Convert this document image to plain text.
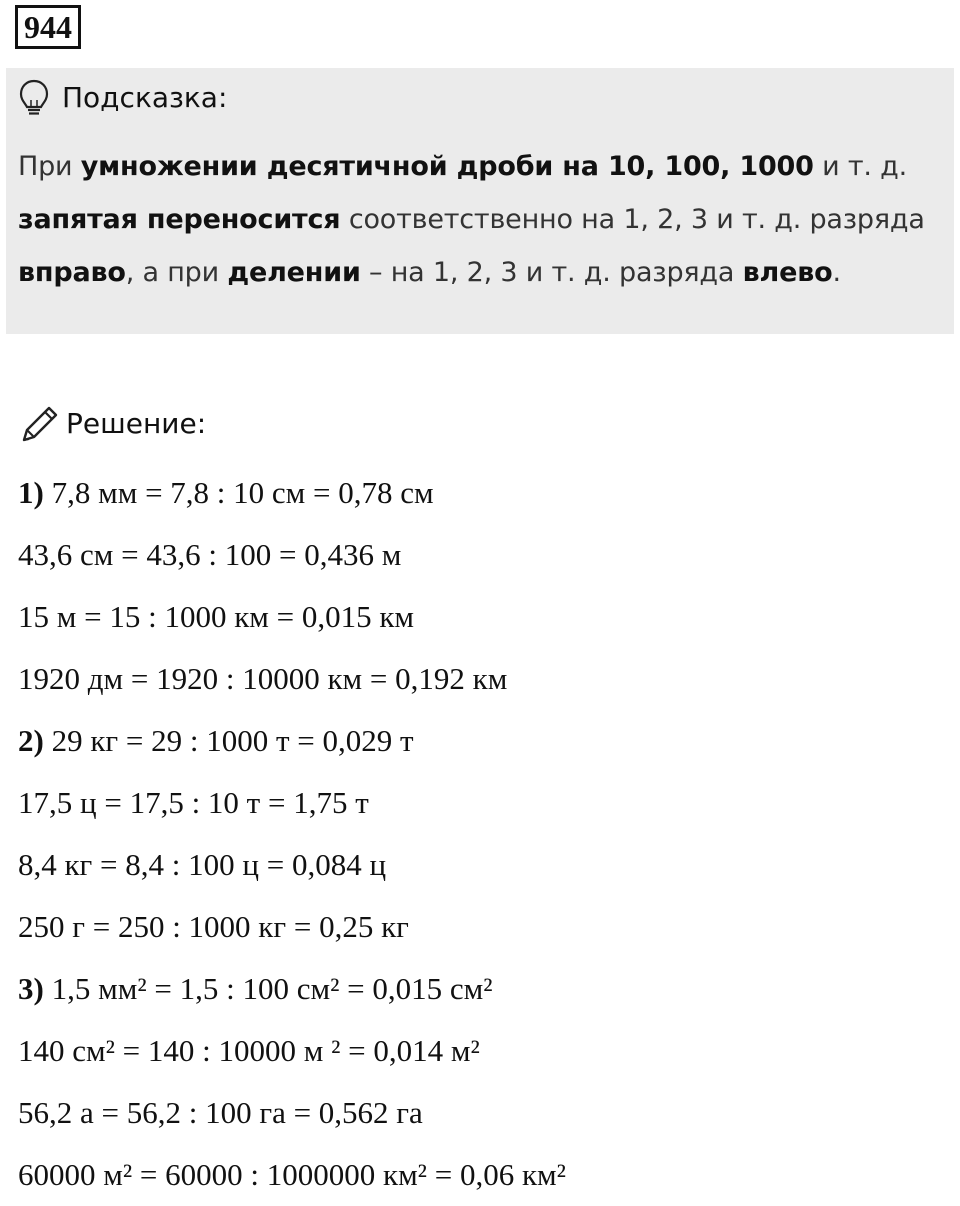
944
Подсказка:
При умножении десятичной дроби на 10, 100, 1000 и т. д.
запятая переносится соответственно на 1, 2, 3 и т. д. разряда
вправо, а при делении – на 1, 2, 3 и т. д. разряда влево.
Решение:
1) 7,8 мм = 7,8 : 10 см = 0,78 см
43,6 см = 43,6 : 100 = 0,436 м
15 м = 15 : 1000 км = 0,015 км
1920 дм = 1920 : 10000 км = 0,192 км
2) 29 кг = 29 : 1000 т = 0,029 т
17,5 ц = 17,5 : 10 т = 1,75 т
8,4 кг = 8,4 : 100 ц = 0,084 ц
250 г = 250 : 1000 кг = 0,25 кг
3) 1,5 мм² = 1,5 : 100 см² = 0,015 см²
140 см² = 140 : 10000 м ² = 0,014 м²
56,2 а = 56,2 : 100 га = 0,562 га
60000 м² = 60000 : 1000000 км² = 0,06 км²
